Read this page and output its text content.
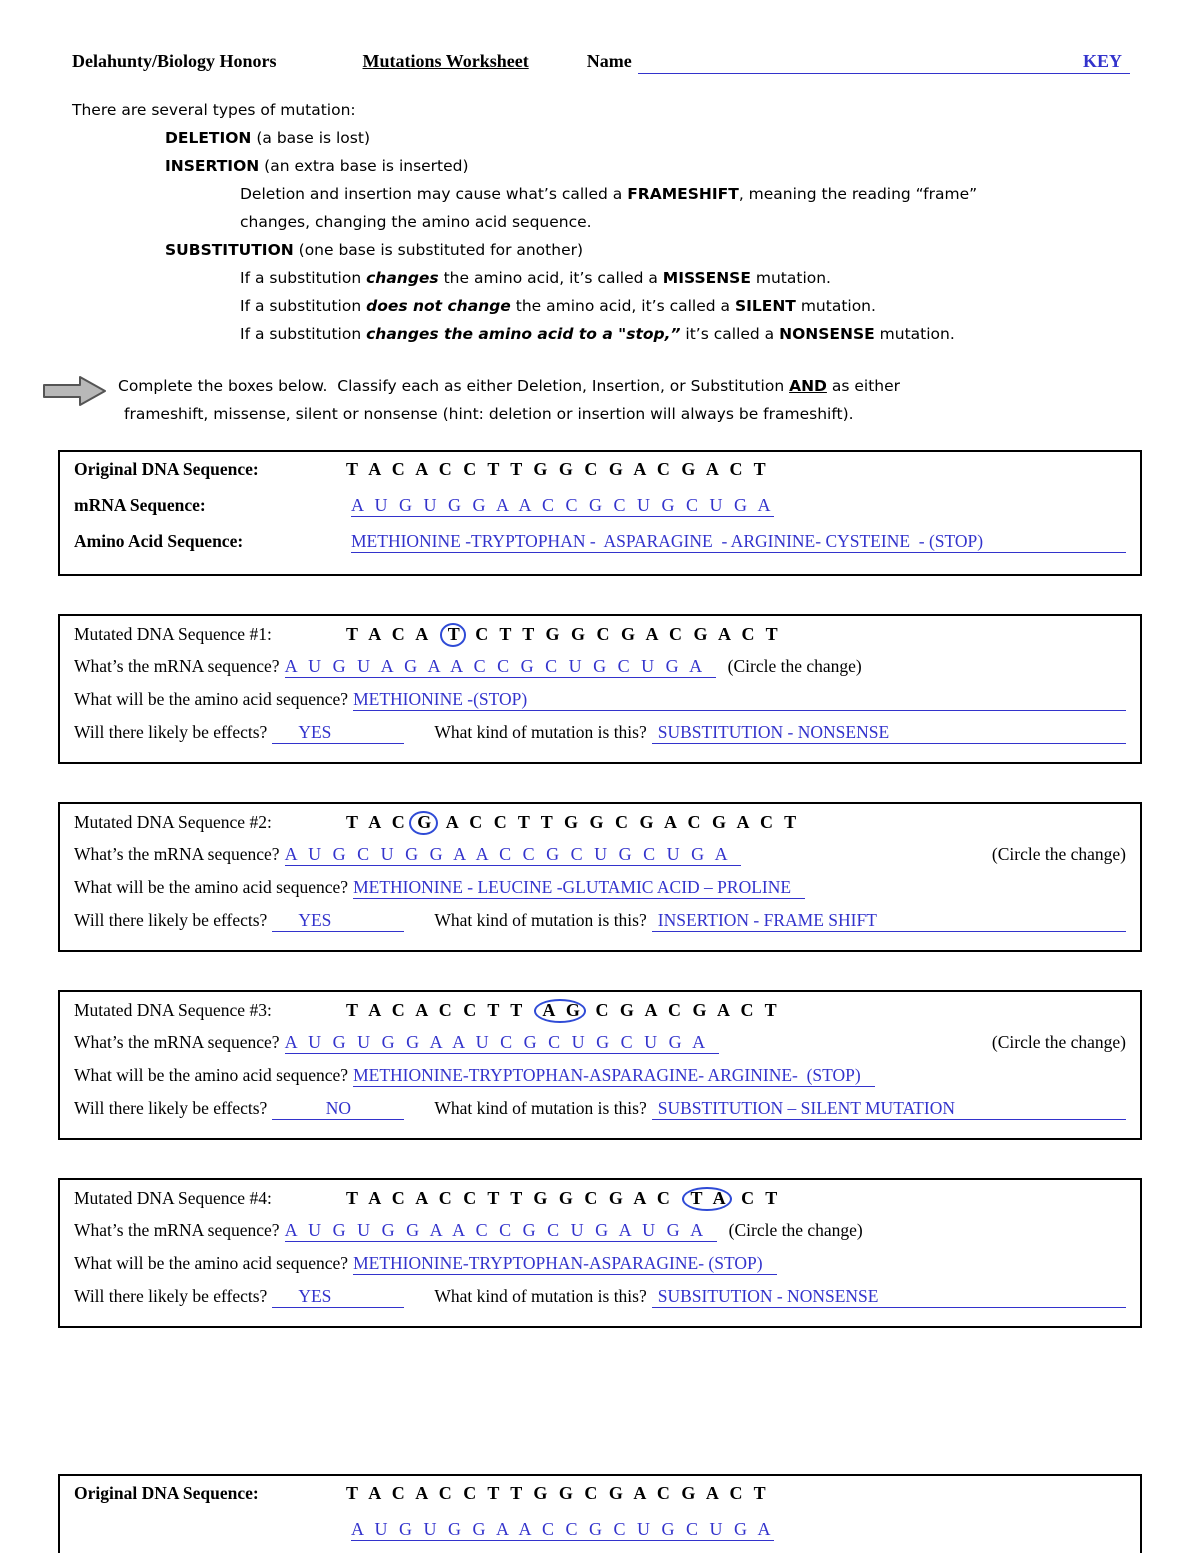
Delahunty/Biology Honors	Mutations Worksheet	Name	KEY
There are several types of mutation:
DELETION (a base is lost)
INSERTION (an extra base is inserted)
Deletion and insertion may cause what’s called a FRAMESHIFT, meaning the reading “frame”
changes, changing the amino acid sequence.
SUBSTITUTION (one base is substituted for another)
If a substitution changes the amino acid, it’s called a MISSENSE mutation.
If a substitution does not change the amino acid, it’s called a SILENT mutation.
If a substitution changes the amino acid to a "stop,” it’s called a NONSENSE mutation.
Complete the boxes below.  Classify each as either Deletion, Insertion, or Substitution AND as either
frameshift, missense, silent or nonsense (hint: deletion or insertion will always be frameshift).
Original DNA Sequence:	T A C A C C T T G G C G A C G A C T
mRNA Sequence:	A U G U G G A A C C G C U G C U G A
Amino Acid Sequence:	METHIONINE -TRYPTOPHAN -  ASPARAGINE  - ARGININE- CYSTEINE  - (STOP)
Mutated DNA Sequence #1:	T A C A T C T T G G C G A C G A C T
What’s the mRNA sequence? A U G U A G A A C C G C U G C U G A	(Circle the change)
What will be the amino acid sequence? METHIONINE -(STOP)
Will there likely be effects?	YES	What kind of mutation is this? SUBSTITUTION - NONSENSE
Mutated DNA Sequence #2:	T A C G A C C T T G G C G A C G A C T
What’s the mRNA sequence? A U G C U G G A A C C G C U G C U G A	(Circle the change)
What will be the amino acid sequence? METHIONINE - LEUCINE -GLUTAMIC ACID – PROLINE
Will there likely be effects?	YES	What kind of mutation is this? INSERTION - FRAME SHIFT
Mutated DNA Sequence #3:	T A C A C C T T A G C G A C G A C T
What’s the mRNA sequence? A U G U G G A A U C G C U G C U G A	(Circle the change)
What will be the amino acid sequence? METHIONINE-TRYPTOPHAN-ASPARAGINE- ARGININE-  (STOP)
Will there likely be effects?	NO	What kind of mutation is this? SUBSTITUTION – SILENT MUTATION
Mutated DNA Sequence #4:	T A C A C C T T G G C G A C T A C T
What’s the mRNA sequence? A U G U G G A A C C G C U G A U G A	(Circle the change)
What will be the amino acid sequence? METHIONINE-TRYPTOPHAN-ASPARAGINE- (STOP)
Will there likely be effects?	YES	What kind of mutation is this? SUBSITUTION - NONSENSE
Original DNA Sequence:	T A C A C C T T G G C G A C G A C T
A U G U G G A A C C G C U G C U G A
